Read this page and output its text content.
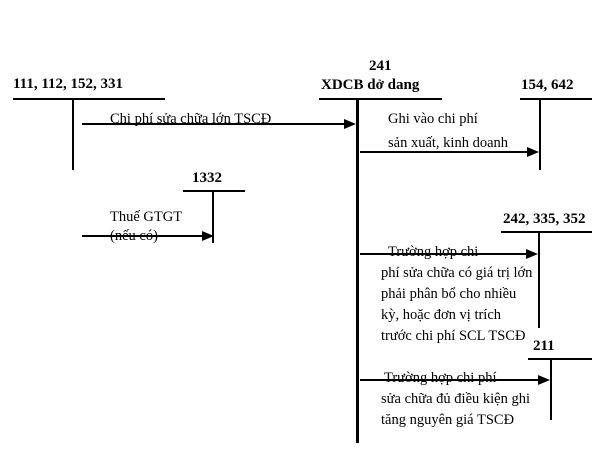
111, 112, 152, 331
241
XDCB dở dang	154, 642
1332
242, 335, 352
211
Chi phí sửa chữa lớn TSCĐ
Thuế GTGT
(nếu có)
Ghi vào chi phí
sản xuất, kinh doanh
Trường hợp chi
phí sửa chữa có giá trị lớn
phải phân bổ cho nhiều
kỳ, hoặc đơn vị trích
trước chi phí SCL TSCĐ
Trường hợp chi phí
sửa chữa đủ điều kiện ghi
tăng nguyên giá TSCĐ
